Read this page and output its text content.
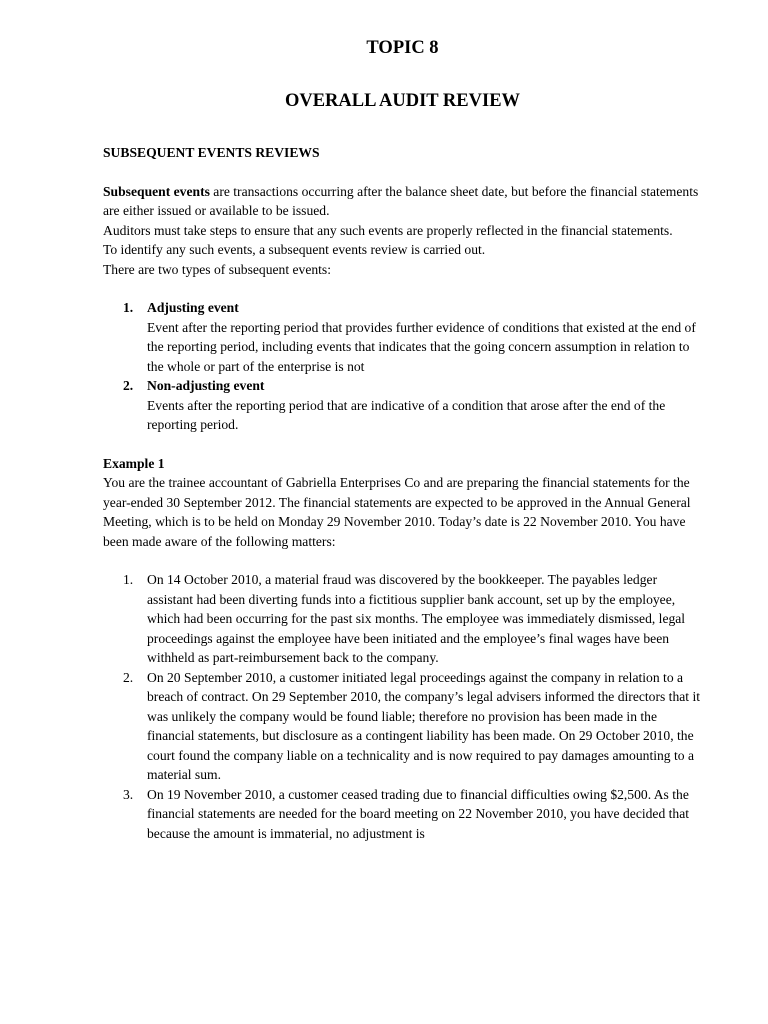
TOPIC 8
OVERALL AUDIT REVIEW
SUBSEQUENT EVENTS REVIEWS

Subsequent events are transactions occurring after the balance sheet date, but before the financial statements are either issued or available to be issued.

Auditors must take steps to ensure that any such events are properly reflected in the financial statements.

To identify any such events, a subsequent events review is carried out.

There are two types of subsequent events:

1. Adjusting event
Event after the reporting period that provides further evidence of conditions that existed at the end of the reporting period, including events that indicates that the going concern assumption in relation to the whole or part of the enterprise is not
2. Non-adjusting event
Events after the reporting period that are indicative of a condition that arose after the end of the reporting period.
Example 1

You are the trainee accountant of Gabriella Enterprises Co and are preparing the financial statements for the year-ended 30 September 2012. The financial statements are expected to be approved in the Annual General Meeting, which is to be held on Monday 29 November 2010. Today’s date is 22 November 2010. You have been made aware of the following matters:

1. On 14 October 2010, a material fraud was discovered by the bookkeeper. The payables ledger assistant had been diverting funds into a fictitious supplier bank account, set up by the employee, which had been occurring for the past six months. The employee was immediately dismissed, legal proceedings against the employee have been initiated and the employee’s final wages have been withheld as part-reimbursement back to the company.
2. On 20 September 2010, a customer initiated legal proceedings against the company in relation to a breach of contract. On 29 September 2010, the company’s legal advisers informed the directors that it was unlikely the company would be found liable; therefore no provision has been made in the financial statements, but disclosure as a contingent liability has been made. On 29 October 2010, the court found the company liable on a technicality and is now required to pay damages amounting to a material sum.
3. On 19 November 2010, a customer ceased trading due to financial difficulties owing $2,500. As the financial statements are needed for the board meeting on 22 November 2010, you have decided that because the amount is immaterial, no adjustment is
